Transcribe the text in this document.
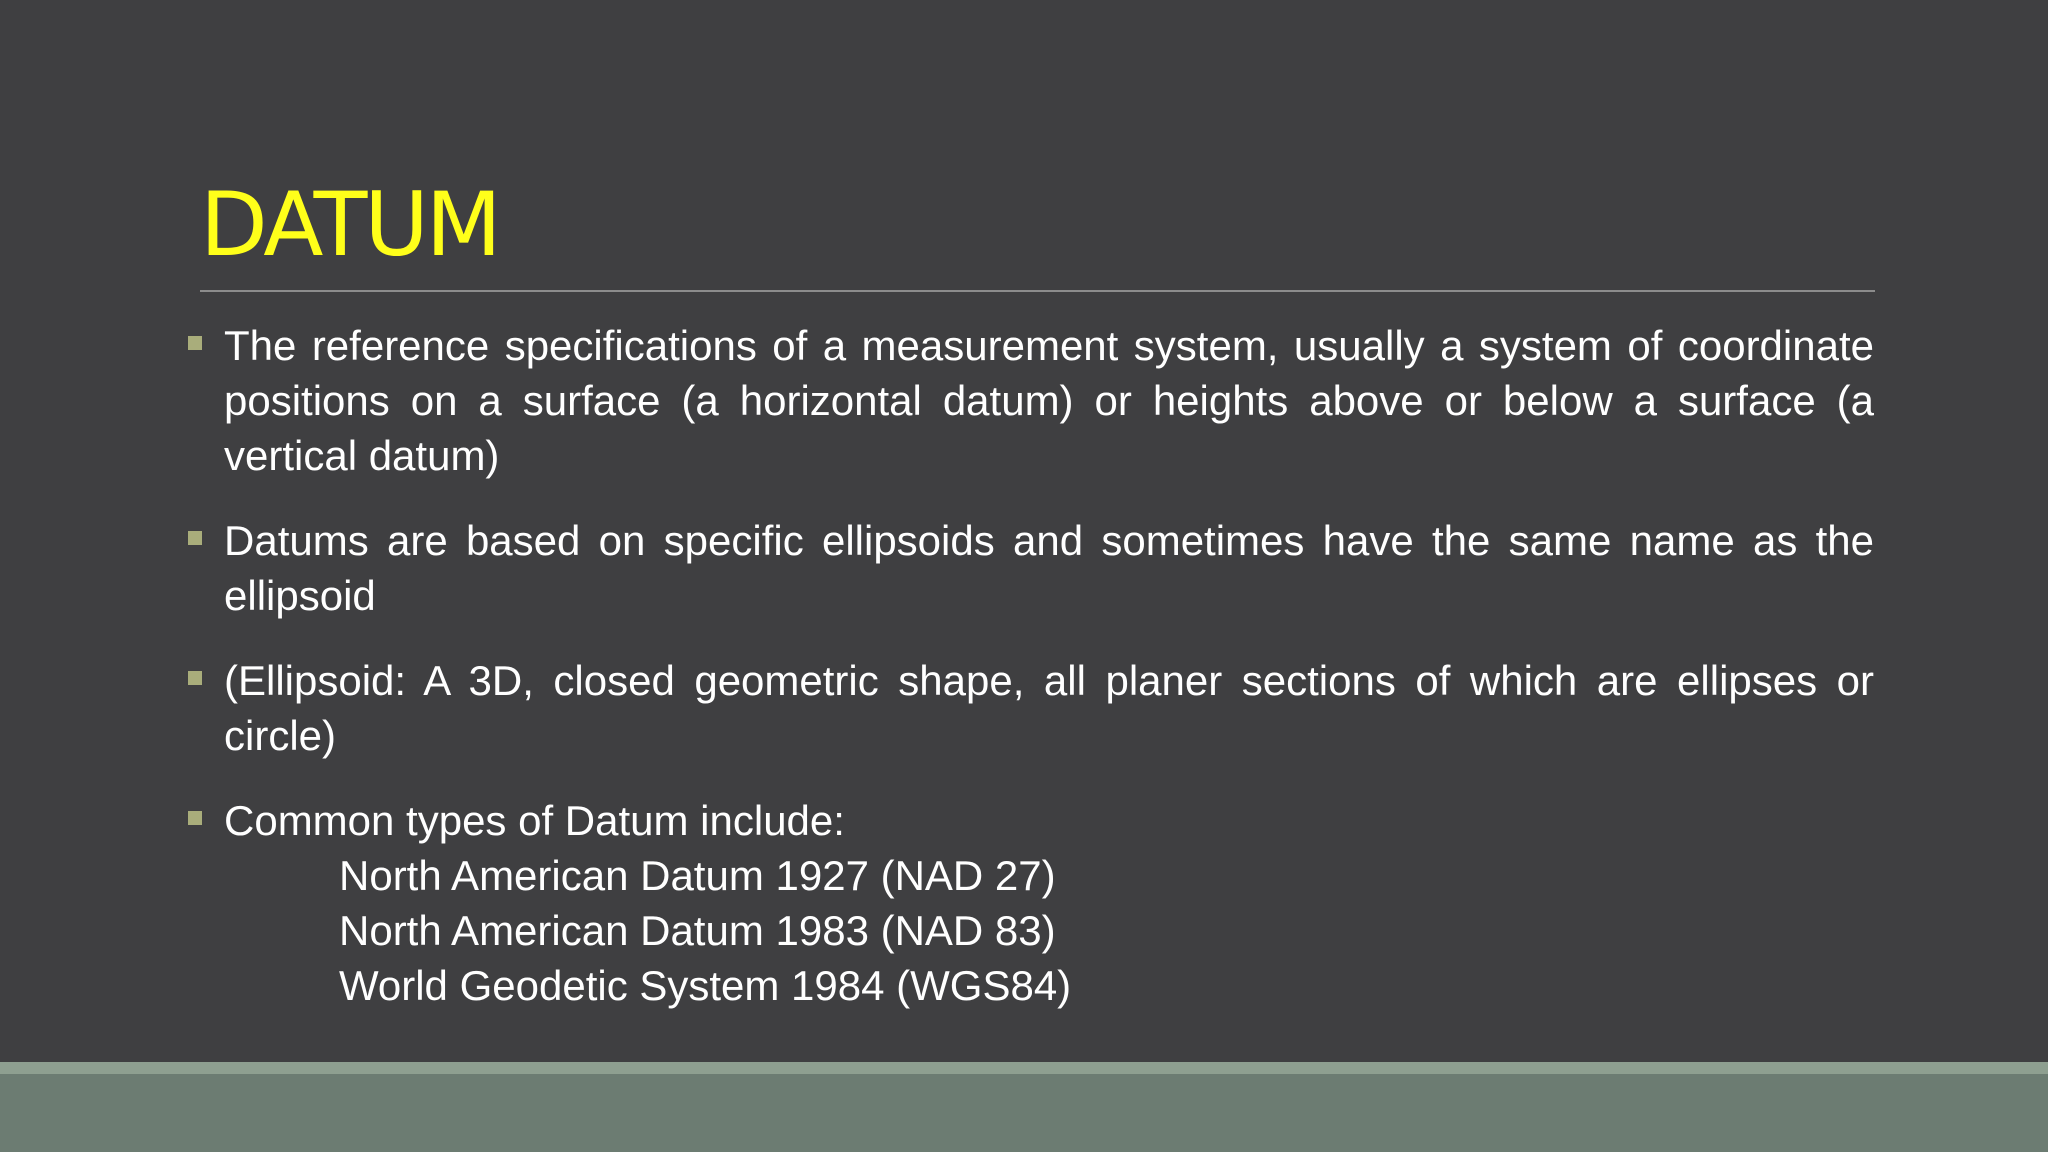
DATUM
The reference specifications of a measurement system, usually a system of coordinate positions on a surface (a horizontal datum) or heights above or below a surface (a vertical datum)
Datums are based on specific ellipsoids and sometimes have the same name as the ellipsoid
(Ellipsoid: A 3D, closed geometric shape, all planer sections of which are ellipses or circle)
Common types of Datum include:
North American Datum 1927 (NAD 27)
North American Datum 1983 (NAD 83)
World Geodetic System 1984 (WGS84)
